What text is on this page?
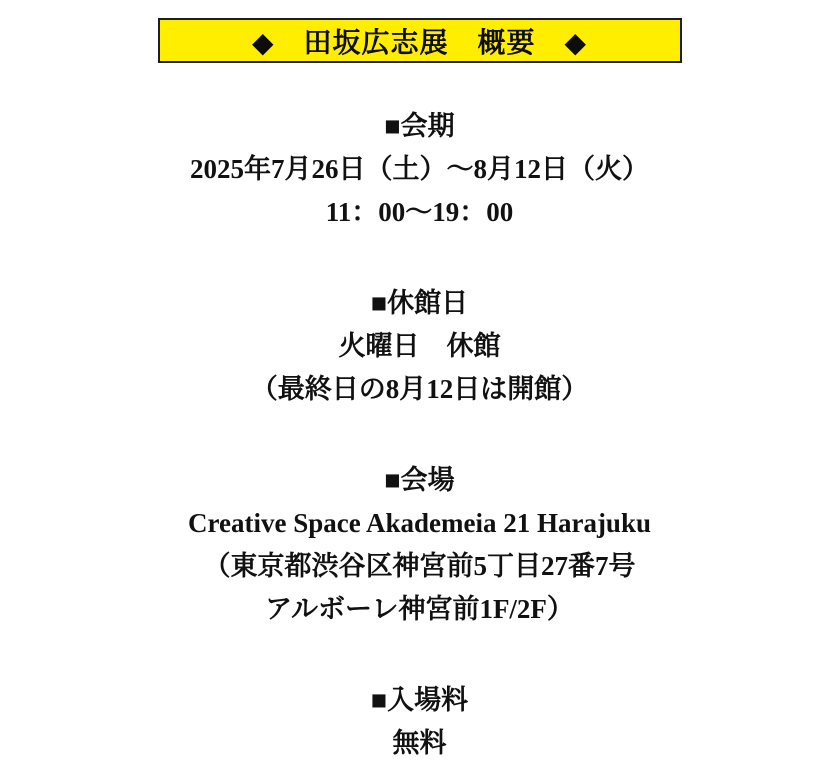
◆　田坂広志展　概要　◆
■会期
2025年7月26日（土）～8月12日（火）
11：00～19：00
■休館日
火曜日　休館
（最終日の8月12日は開館）
■会場
Creative Space Akademeia 21 Harajuku
（東京都渋谷区神宮前5丁目27番7号
アルボーレ神宮前1F/2F）
■入場料
無料
